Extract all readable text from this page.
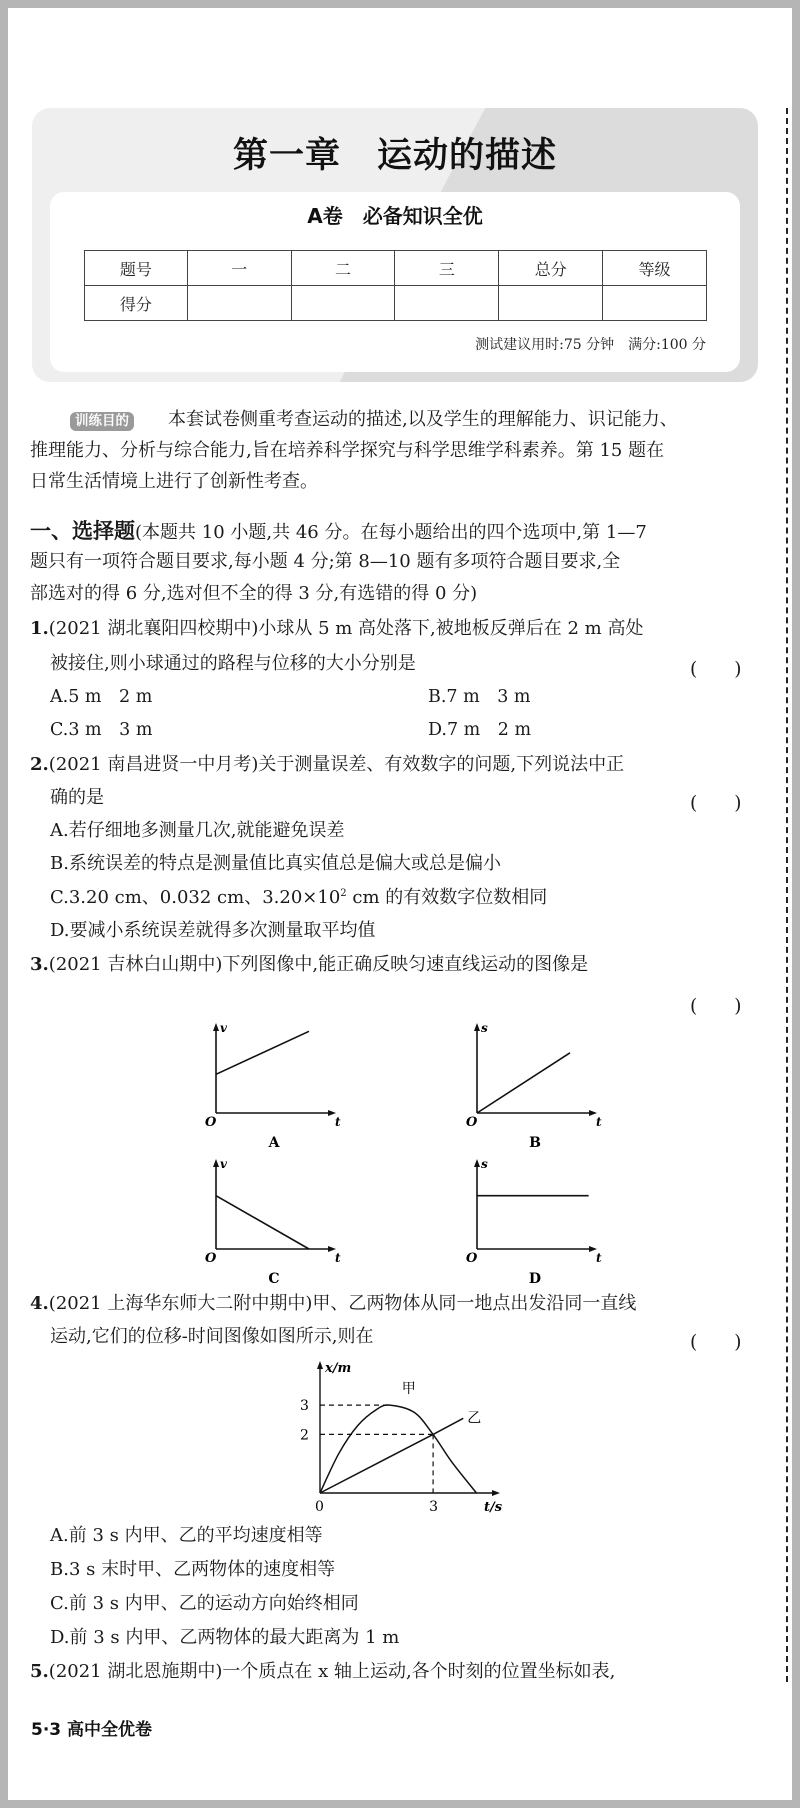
第一章　运动的描述
A卷　必备知识全优
题号	一	二	三	总分	等级
得分					
测试建议用时:75 分钟　满分:100 分
训练目的 本套试卷侧重考查运动的描述,以及学生的理解能力、识记能力、
推理能力、分析与综合能力,旨在培养科学探究与科学思维学科素养。第 15 题在
日常生活情境上进行了创新性考查。
一、选择题(本题共 10 小题,共 46 分。在每小题给出的四个选项中,第 1—7
题只有一项符合题目要求,每小题 4 分;第 8—10 题有多项符合题目要求,全
部选对的得 6 分,选对但不全的得 3 分,有选错的得 0 分)
1.(2021 湖北襄阳四校期中)小球从 5 m 高处落下,被地板反弹后在 2 m 高处
被接住,则小球通过的路程与位移的大小分别是	(　　)
A.5 m　2 m	B.7 m　3 m
C.3 m　3 m	D.7 m　2 m
2.(2021 南昌进贤一中月考)关于测量误差、有效数字的问题,下列说法中正
确的是	(　　)
A.若仔细地多测量几次,就能避免误差
B.系统误差的特点是测量值比真实值总是偏大或总是偏小
C.3.20 cm、0.032 cm、$3.20\times 10^2$ cm 的有效数字位数相同
D.要减小系统误差就得多次测量取平均值
3.(2021 吉林白山期中)下列图像中,能正确反映匀速直线运动的图像是
(　　)
t
v
O
A
t
s
O
B
t
v
O
C
t
s
O
D
x/m
t/s
0
2
3
3
甲
乙
4.(2021 上海华东师大二附中期中)甲、乙两物体从同一地点出发沿同一直线
运动,它们的位移-时间图像如图所示,则在	(　　)
A.前 3 s 内甲、乙的平均速度相等
B.3 s 末时甲、乙两物体的速度相等
C.前 3 s 内甲、乙的运动方向始终相同
D.前 3 s 内甲、乙两物体的最大距离为 1 m
5.(2021 湖北恩施期中)一个质点在 x 轴上运动,各个时刻的位置坐标如表,
5·3 高中全优卷
